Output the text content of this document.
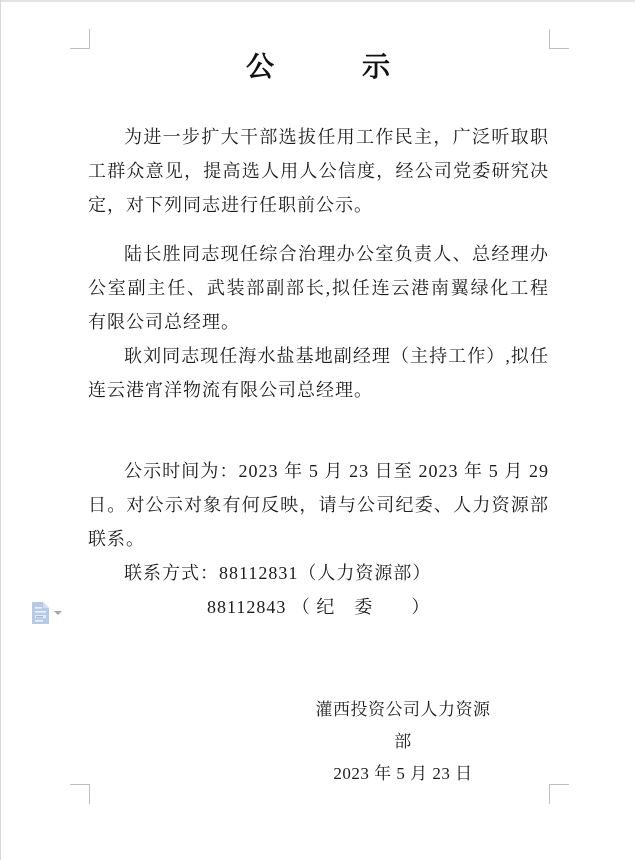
公　　　示

为进一步扩大干部选拔任用工作民主，广泛听取职工群众意见，提高选人用人公信度，经公司党委研究决定，对下列同志进行任职前公示。

陆长胜同志现任综合治理办公室负责人、总经理办公室副主任、武装部副部长,拟任连云港南翼绿化工程有限公司总经理。

耿刘同志现任海水盐基地副经理（主持工作）,拟任连云港宵洋物流有限公司总经理。

公示时间为：2023 年 5 月 23 日至 2023 年 5 月 29 日。对公示对象有何反映，请与公司纪委、人力资源部联系。

联系方式：88112831（人力资源部）

88112843 （ 纪　委　　）

灌西投资公司人力资源部

2023 年 5 月 23 日
